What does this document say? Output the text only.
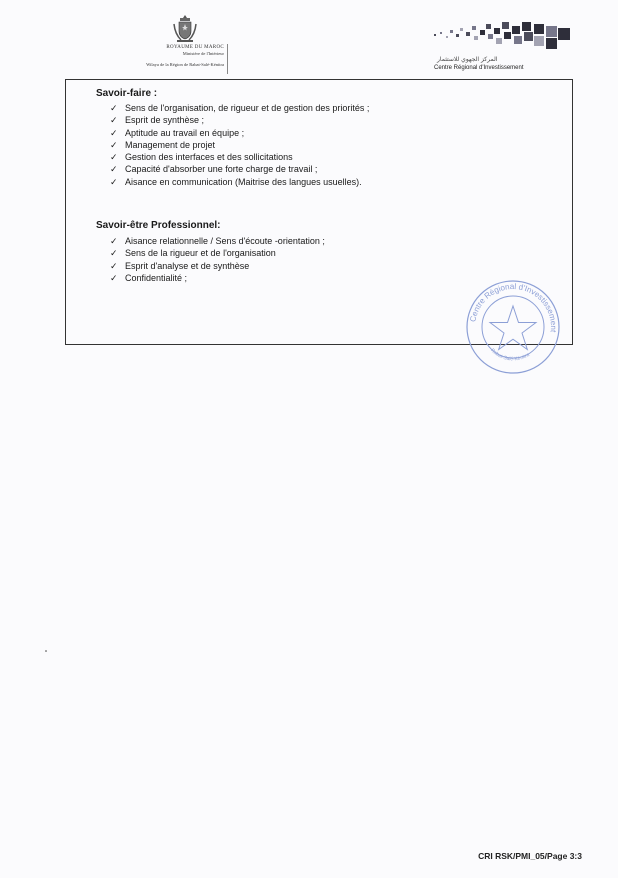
ROYAUME DU MAROC
Ministère de l'Intérieur
Wilaya de la Région de Rabat-Salé-Kénitra
المركز الجهوي للاستثمار
Centre Régional d'Investissement
Savoir-faire :
✓ Sens de l'organisation, de rigueur et de gestion des priorités ;
✓ Esprit de synthèse ;
✓ Aptitude au travail en équipe ;
✓ Management de projet
✓ Gestion des interfaces et des sollicitations
✓ Capacité d'absorber une forte charge de travail ;
✓ Aisance en communication (Maitrise des langues usuelles).
Savoir-être Professionnel:
✓ Aisance relationnelle / Sens d'écoute -orientation ;
✓ Sens de la rigueur et de l'organisation
✓ Esprit d'analyse et de synthèse
✓ Confidentialité ;
Centre Régional d'Investissement
Rabat-Salé-Kénitra
CRI RSK/PMI_05/Page 3:3
